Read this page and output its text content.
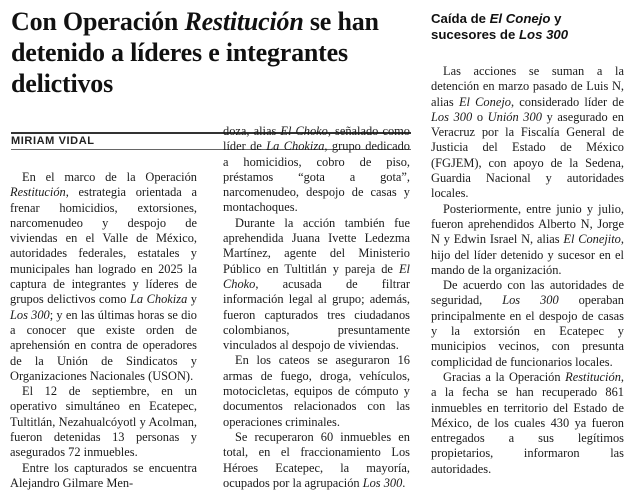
Con Operación Restitución se han detenido a líderes e integrantes delictivos
MIRIAM VIDAL

En el marco de la Operación Restitución, estrategia orientada a frenar homicidios, extorsiones, narcomenudeo y despojo de viviendas en el Valle de México, autoridades federales, estatales y municipales han logrado en 2025 la captura de integrantes y líderes de grupos delictivos como La Chokiza y Los 300; y en las últimas horas se dio a conocer que existe orden de aprehensión en contra de operadores de la Unión de Sindicatos y Organizaciones Nacionales (USON).

El 12 de septiembre, en un operativo simultáneo en Ecatepec, Tultitlán, Nezahualcóyotl y Acolman, fueron detenidas 13 personas y asegurados 72 inmuebles.

Entre los capturados se encuentra Alejandro Gilmare Men-

doza, alias El Choko, señalado como líder de La Chokiza, grupo dedicado a homicidios, cobro de piso, préstamos “gota a gota”, narcomenudeo, despojo de casas y montachoques.

Durante la acción también fue aprehendida Juana Ivette Ledezma Martínez, agente del Ministerio Público en Tultitlán y pareja de El Choko, acusada de filtrar información legal al grupo; además, fueron capturados tres ciudadanos colombianos, presuntamente vinculados al despojo de viviendas.

En los cateos se aseguraron 16 armas de fuego, droga, vehículos, motocicletas, equipos de cómputo y documentos relacionados con las operaciones criminales.

Se recuperaron 60 inmuebles en total, en el fraccionamiento Los Héroes Ecatepec, la mayoría, ocupados por la agrupación Los 300.

Caída de El Conejo y sucesores de Los 300

Las acciones se suman a la detención en marzo pasado de Luis N, alias El Conejo, considerado líder de Los 300 o Unión 300 y asegurado en Veracruz por la Fiscalía General de Justicia del Estado de México (FGJEM), con apoyo de la Sedena, Guardia Nacional y autoridades locales.

Posteriormente, entre junio y julio, fueron aprehendidos Alberto N, Jorge N y Edwin Israel N, alias El Conejito, hijo del líder detenido y sucesor en el mando de la organización.

De acuerdo con las autoridades de seguridad, Los 300 operaban principalmente en el despojo de casas y la extorsión en Ecatepec y municipios vecinos, con presunta complicidad de funcionarios locales.

Gracias a la Operación Restitución, a la fecha se han recuperado 861 inmuebles en territorio del Estado de México, de los cuales 430 ya fueron entregados a sus legítimos propietarios, informaron las autoridades.
